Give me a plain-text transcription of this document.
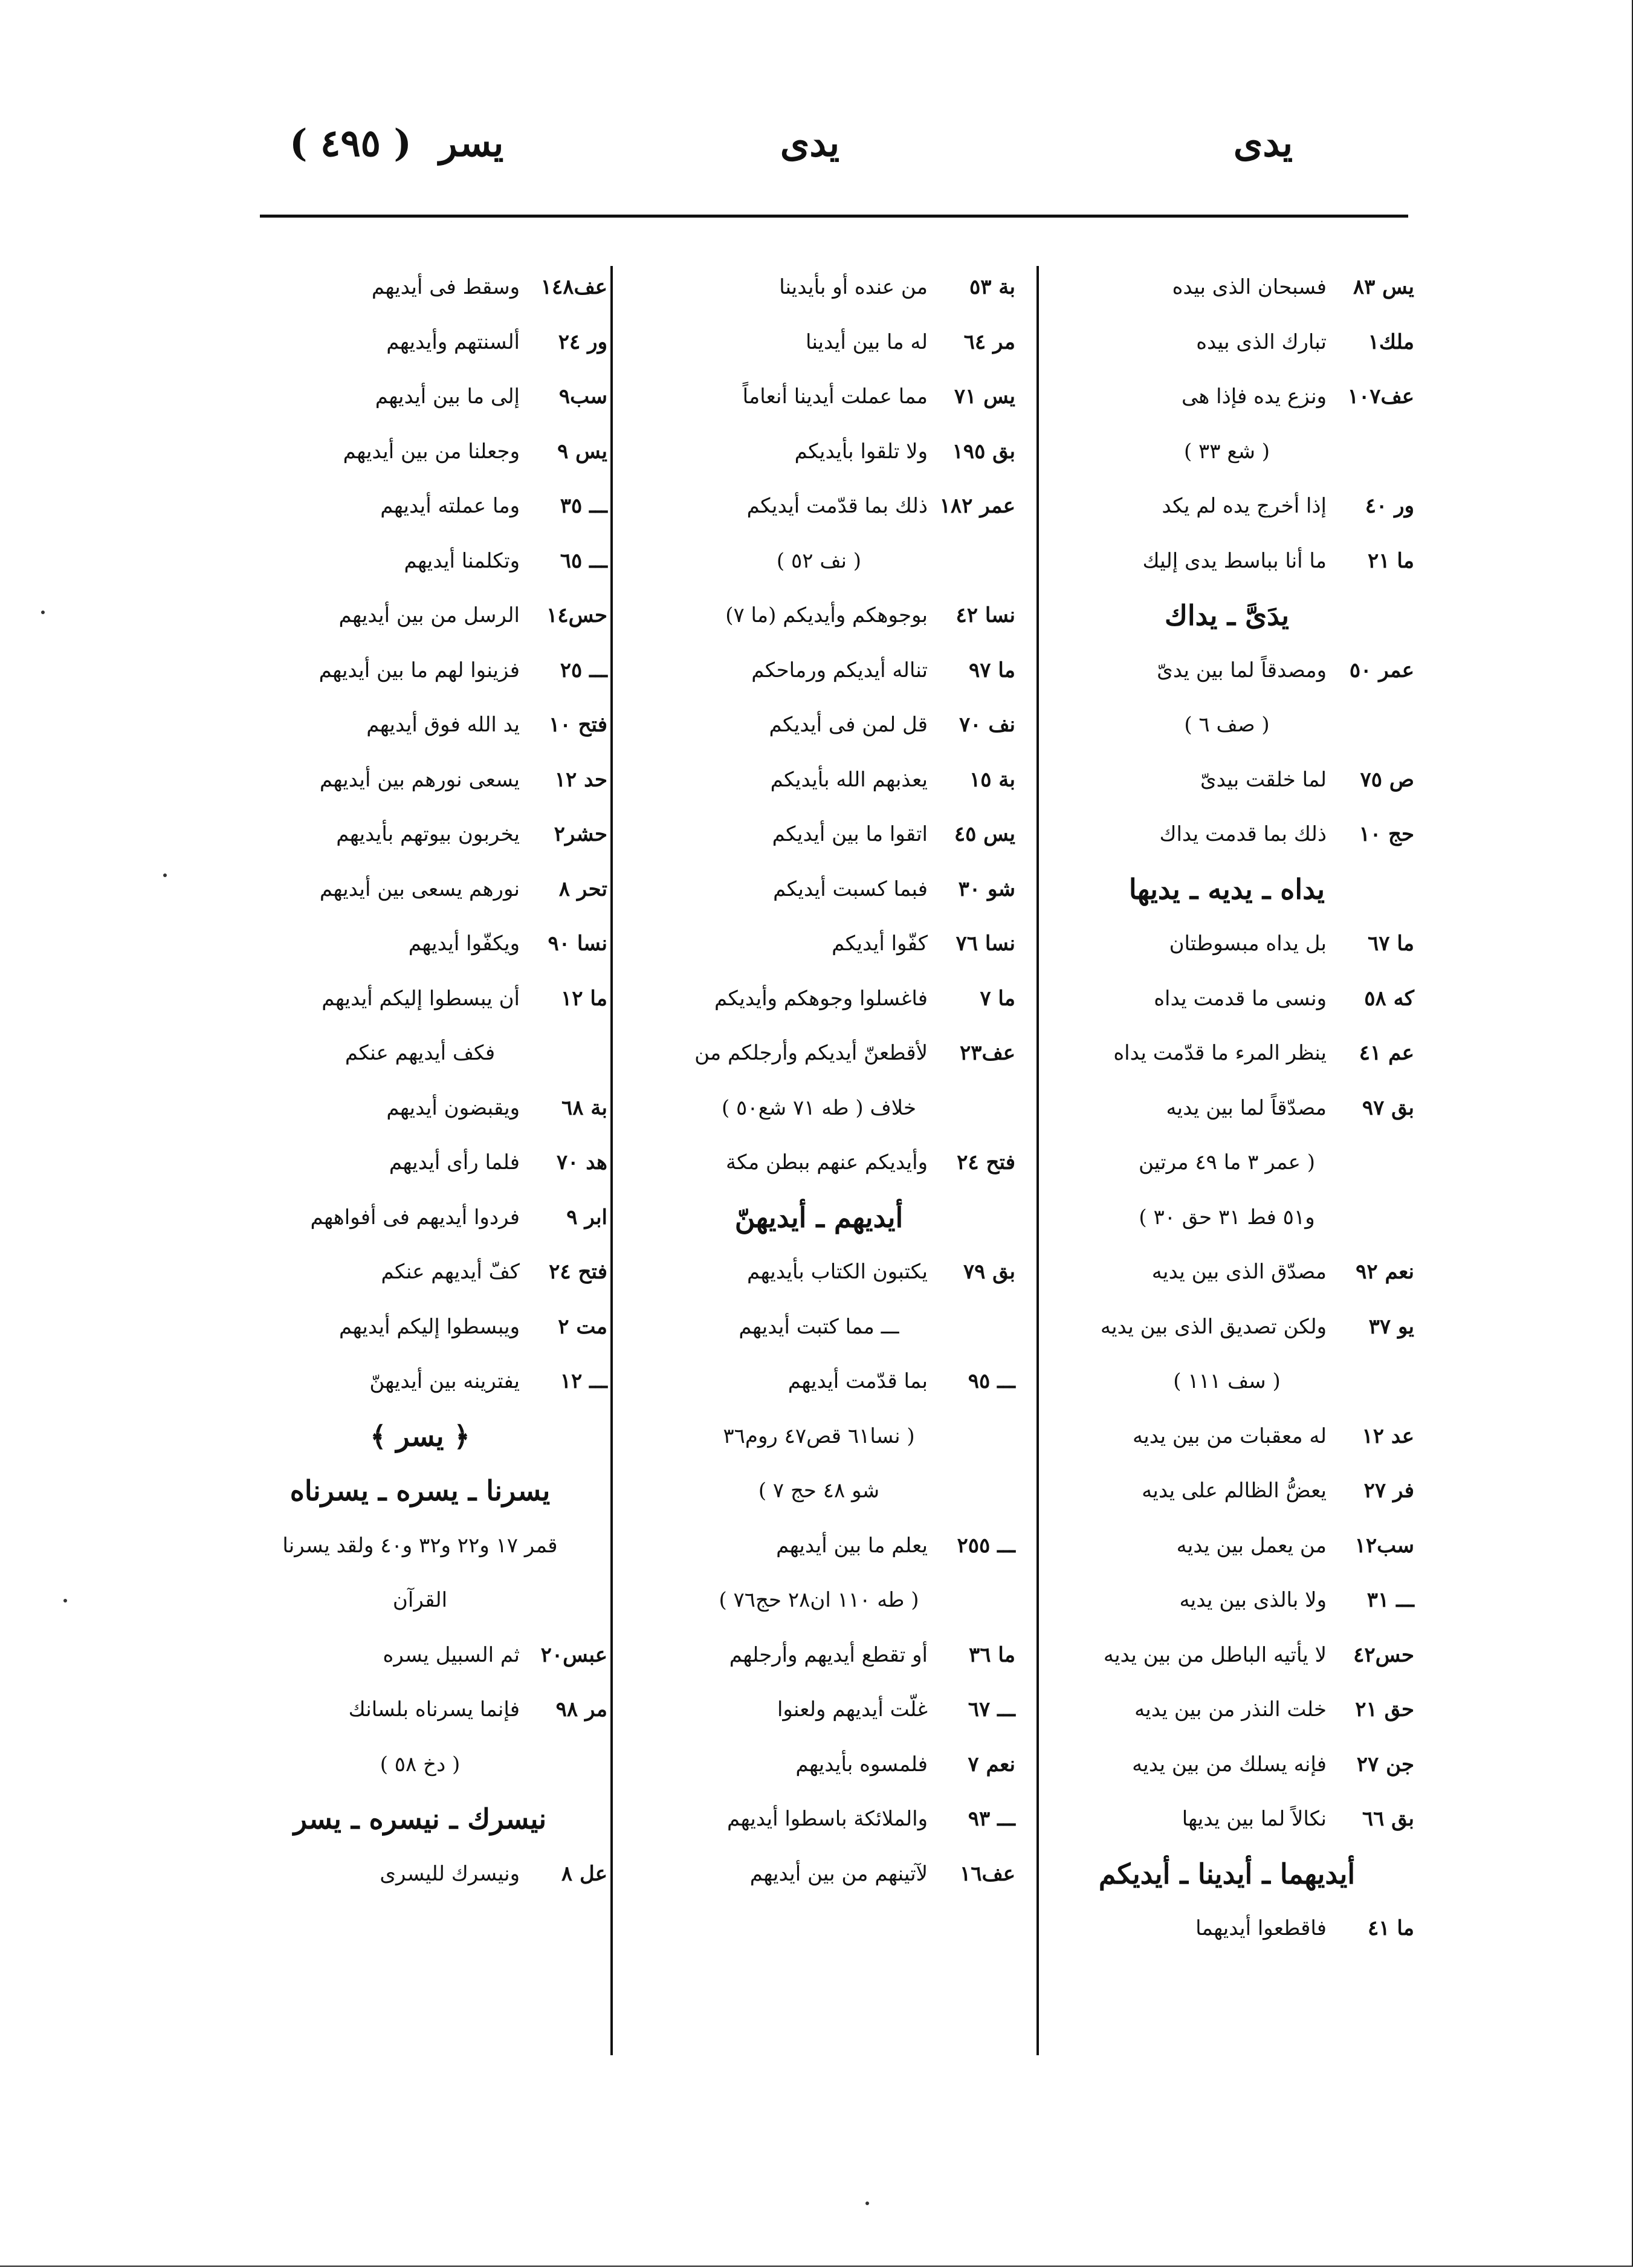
يدى
يدى
يسر
( ٤٩٥ )
يس ٨٣
فسبحان الذى بيده
ملك١
تبارك الذى بيده
عف١٠٧
ونزع يده فإذا هى
( شع ٣٣ )
ور ٤٠
إذا أخرج يده لم يكد
ما ٢١
ما أنا بباسط يدى إليك
يدَىَّ ـ يداك
عمر ٥٠
ومصدقاً لما بين يدىّ
( صف ٦ )
ص ٧٥
لما خلقت بيدىّ
حج ١٠
ذلك بما قدمت يداك
يداه ـ يديه ـ يديها
ما ٦٧
بل يداه مبسوطتان
كه ٥٨
ونسى ما قدمت يداه
عم ٤١
ينظر المرء ما قدّمت يداه
بق ٩٧
مصدّقاً لما بين يديه
( عمر ٣ ما ٤٩ مرتين
و٥١ فط ٣١ حق ٣٠ )
نعم ٩٢
مصدّق الذى بين يديه
يو ٣٧
ولكن تصديق الذى بين يديه
( سف ١١١ )
عد ١٢
له معقبات من بين يديه
فر ٢٧
يعضُّ الظالم على يديه
سب١٢
من يعمل بين يديه
ـــ ٣١
ولا بالذى بين يديه
حس٤٢
لا يأتيه الباطل من بين يديه
حق ٢١
خلت النذر من بين يديه
جن ٢٧
فإنه يسلك من بين يديه
بق ٦٦
نكالاً لما بين يديها
أيديهما ـ أيدينا ـ أيديكم
ما ٤١
فاقطعوا أيديهما
بة ٥٣
من عنده أو بأيدينا
مر ٦٤
له ما بين أيدينا
يس ٧١
مما عملت أيدينا أنعاماً
بق ١٩٥
ولا تلقوا بأيديكم
عمر ١٨٢
ذلك بما قدّمت أيديكم
( نف ٥٢ )
نسا ٤٢
بوجوهكم وأيديكم (ما ٧)
ما ٩٧
تناله أيديكم ورماحكم
نف ٧٠
قل لمن فى أيديكم
بة ١٥
يعذبهم الله بأيديكم
يس ٤٥
اتقوا ما بين أيديكم
شو ٣٠
فبما كسبت أيديكم
نسا ٧٦
كفّوا أيديكم
ما ٧
فاغسلوا وجوهكم وأيديكم
عف٢٣
لأقطعنّ أيديكم وأرجلكم من
خلاف ( طه ٧١ شع٥٠ )
فتح ٢٤
وأيديكم عنهم ببطن مكة
أيديهم ـ أيديهنّ
بق ٧٩
يكتبون الكتاب بأيديهم
ـــ مما كتبت أيديهم
ـــ ٩٥
بما قدّمت أيديهم
( نسا٦١ قص٤٧ روم٣٦
شو ٤٨ حج ٧ )
ـــ ٢٥٥
يعلم ما بين أيديهم
( طه ١١٠ ان٢٨ حج٧٦ )
ما ٣٦
أو تقطع أيديهم وأرجلهم
ـــ ٦٧
غلّت أيديهم ولعنوا
نعم ٧
فلمسوه بأيديهم
ـــ ٩٣
والملائكة باسطوا أيديهم
عف١٦
لآتينهم من بين أيديهم
عف١٤٨
وسقط فى أيديهم
ور ٢٤
ألسنتهم وأيديهم
سب٩
إلى ما بين أيديهم
يس ٩
وجعلنا من بين أيديهم
ـــ ٣٥
وما عملته أيديهم
ـــ ٦٥
وتكلمنا أيديهم
حس١٤
الرسل من بين أيديهم
ـــ ٢٥
فزينوا لهم ما بين أيديهم
فتح ١٠
يد الله فوق أيديهم
حد ١٢
يسعى نورهم بين أيديهم
حشر٢
يخربون بيوتهم بأيديهم
تحر ٨
نورهم يسعى بين أيديهم
نسا ٩٠
ويكفّوا أيديهم
ما ١٢
أن يبسطوا إليكم أيديهم
فكف أيديهم عنكم
بة ٦٨
ويقبضون أيديهم
هد ٧٠
فلما رأى أيديهم
ابر ٩
فردوا أيديهم فى أفواههم
فتح ٢٤
كفّ أيديهم عنكم
مت ٢
ويبسطوا إليكم أيديهم
ـــ ١٢
يفترينه بين أيديهنّ
﴿ يسر ﴾
يسرنا ـ يسره ـ يسرناه
قمر ١٧ و٢٢ و٣٢ و٤٠ ولقد يسرنا
القرآن
عبس٢٠
ثم السبيل يسره
مر ٩٨
فإنما يسرناه بلسانك
( دخ ٥٨ )
نيسرك ـ نيسره ـ يسر
عل ٨
ونيسرك لليسرى
